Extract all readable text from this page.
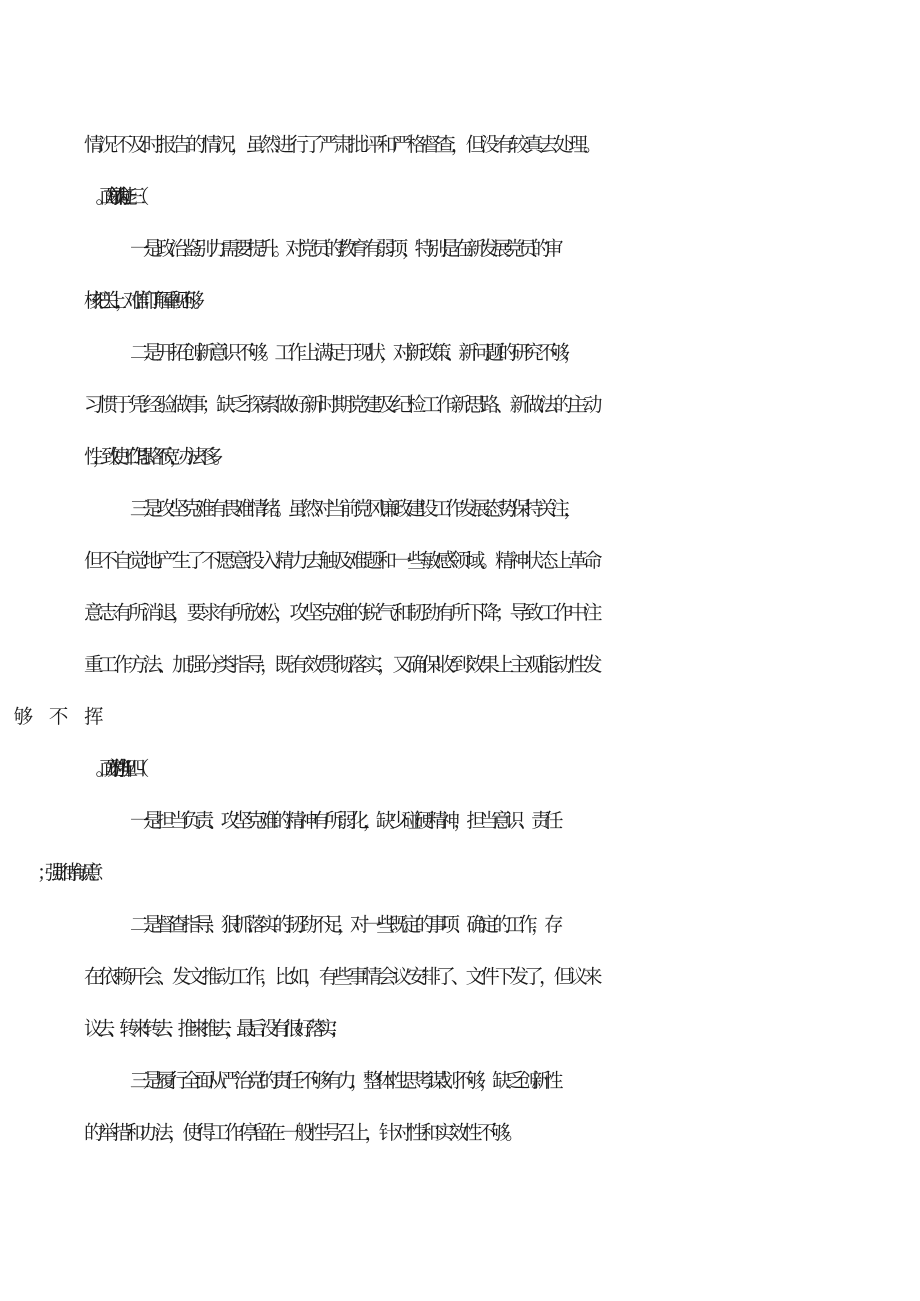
情况不及时报告的情况，虽然进行了严肃批评和严格督查，但没有较真去处理。

一是政治鉴别力需要提升。对党员的教育有弱项，特别是在新发展党员的审

核把关上，对信仰了解重视不够。

二是开拓创新意识不够。工作上满足于现状，对新政策、新问题的研究不够，

习惯于凭经验做事；缺乏探索做好新时期党建及纪检工作新思路、新做法的主动

性，致使工作思路不宽，办法不多。

三是攻坚克难有畏难情绪。虽然对当前党风廉政建设工作发展态势保持关注，

但不自觉地产生了不愿意投入精力去触及难题和一些敏感领域。精神状态上革命

意志有所消退，要求有所放松，攻坚克难的锐气和韧劲有所下降；导致工作中注

重工作方法、加强分类指导，既有效贯彻落实，又确保收到效果上主观能动性发

一是担当负责、攻坚克难的精神有所弱化，缺少碰硬精神，担当意识、责任

二是督查指导、狠抓落实的韧劲不足，对一些既定的事项、确定的工作，存

在依赖开会、发文推动工作，比如，有些事情会议安排了、文件下发了，但议来

议去、转来转去、推来推去，最后没有很好落实；

三是履行全面从严治党的责任不够有力，整体性思考谋划不够，缺乏创新性

的举措和办法，使得工作停留在一般性号召上，针对性和实效性不够。
